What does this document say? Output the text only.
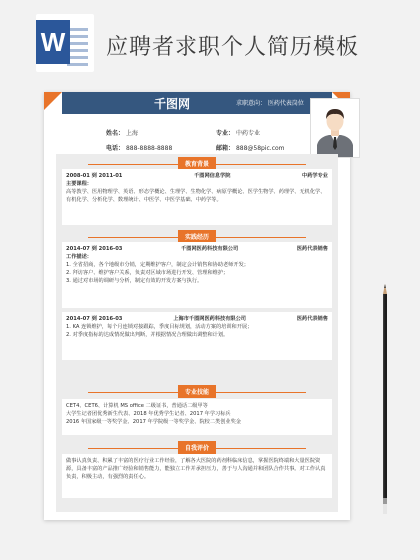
W 应聘者求职个人简历模板
千图网	求职意向： 医药代表岗位
姓名： 上海
电话： 888-8888-8888
专业： 中药专业
邮箱： 888@58pic.com
教育背景
2008-01 到 2011-01	千图网信息学院	中药学专业
主要课程：
高等教学、医用物理学、英语、形态学概论、生理学、生物化学、病原学概论、医学生物学、药理学、无机化学、有机化学、分析化学、数理统计、中医学、中医学基础、中药学等。
实践经历
2014-07 到 2016-03	千图网医药科技有限公司	医药代表销售
工作描述：
1. 全省招商，各个地级市分销，定期维护客户，制定会计销售和协助老师开发；
2. 拜访客户、维护客户关系，负责对区域市场进行开发、管理和维护；
3. 通过对市场的调研与分析，制定有效的开发方案与执行。
2014-07 到 2016-03	上海市千图网医药科技有限公司	医药代表销售
1. KA 连锁维护，每个月连锁对接跟踪，季度目标规划，活动方案的培训和开展；
2. 对季度指标的达成情况做出判断，并根据情况合理做出调整和计划。
专业技能
CET4、CET6、计算机 MS office 二级证书，普通话二级甲等
大学生记者团优秀新生代表、2018 年优秀学生记者、2017 年学习标兵
2016 年国家级一等奖学金、2017 年学院级一等奖学金、院校二类创业奖金
自我评价
做事认真负责、积累了丰富的医疗行业工作经验，了解各大医院的药剂科临床信息，掌握医院终端和大量医院资源，具备丰富的产品推广经验和销售能力，能独立工作并承担压力，善于与人沟通并和团队合作共事。对工作认真负责，积极主动，有强烈的责任心。
